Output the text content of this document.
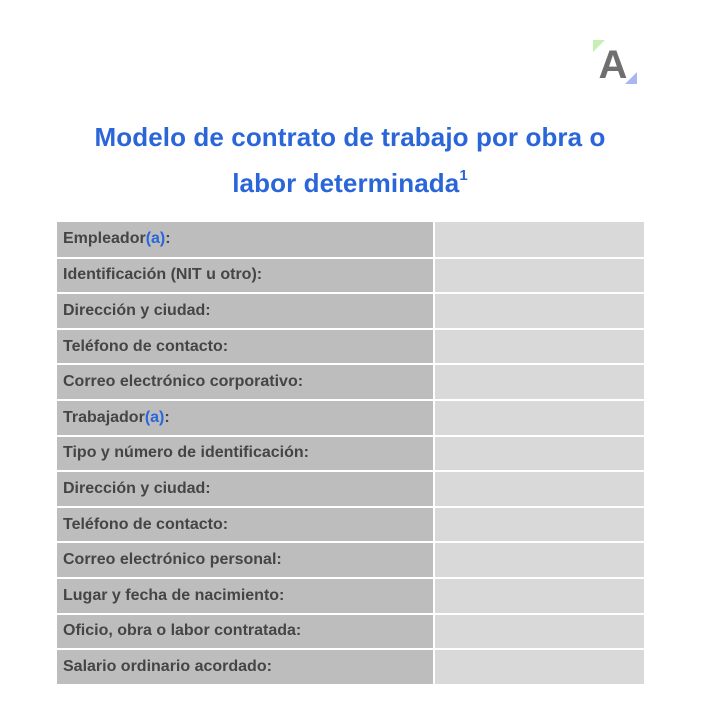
A
Modelo de contrato de trabajo por obra o
labor determinada$^1$
Empleador(a):	
Identificación (NIT u otro):	
Dirección y ciudad:	
Teléfono de contacto:	
Correo electrónico corporativo:	
Trabajador(a):	
Tipo y número de identificación:	
Dirección y ciudad:	
Teléfono de contacto:	
Correo electrónico personal:	
Lugar y fecha de nacimiento:	
Oficio, obra o labor contratada:	
Salario ordinario acordado:	
